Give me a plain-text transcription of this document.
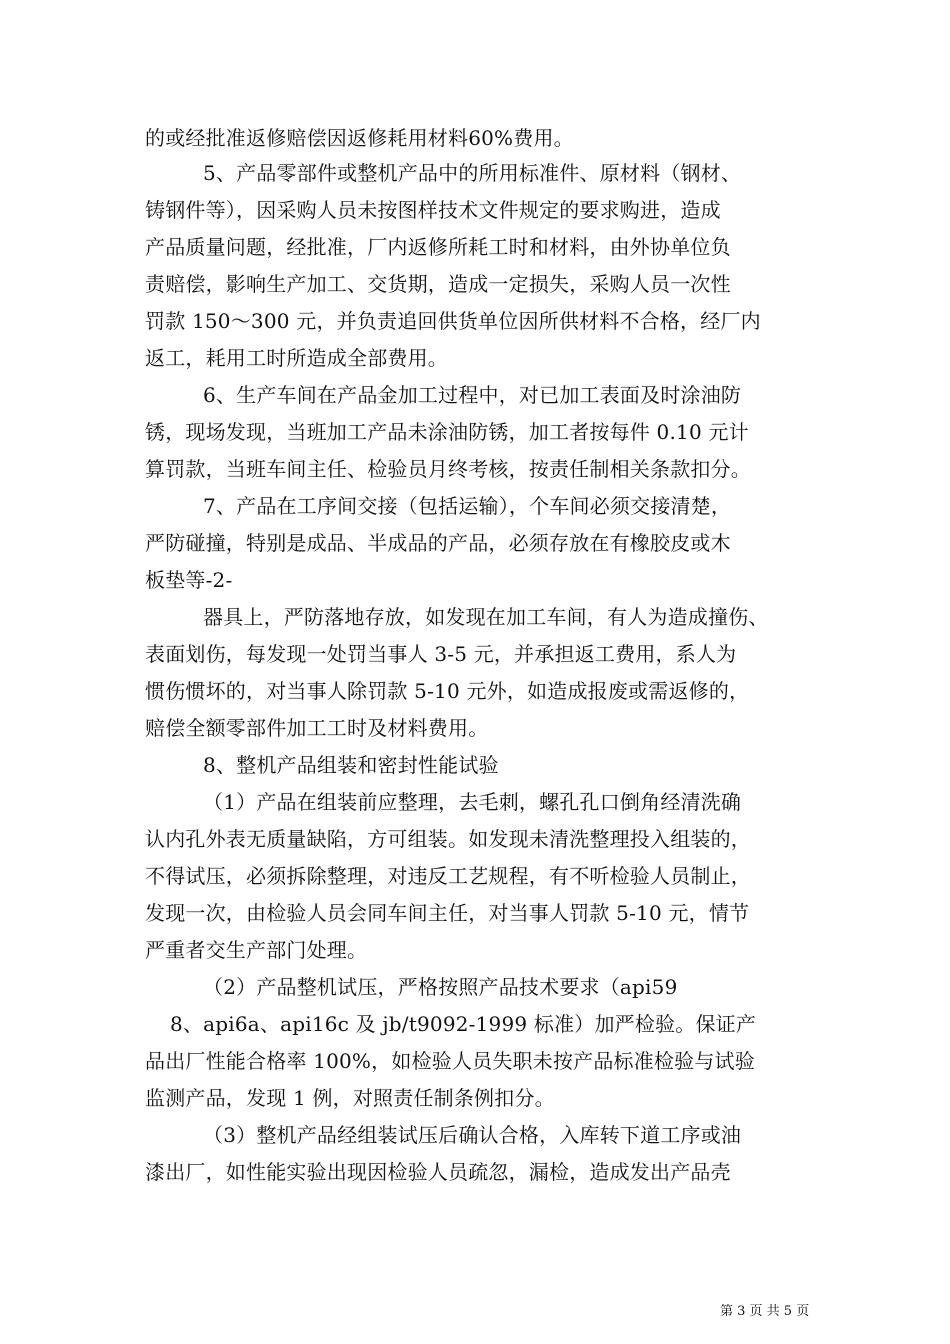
的或经批准返修赔偿因返修耗用材料60%费用。
5、产品零部件或整机产品中的所用标准件、原材料（钢材、
铸钢件等），因采购人员未按图样技术文件规定的要求购进，造成
产品质量问题，经批准，厂内返修所耗工时和材料，由外协单位负
责赔偿，影响生产加工、交货期，造成一定损失，采购人员一次性
罚款 150～300 元，并负责追回供货单位因所供材料不合格，经厂内
返工，耗用工时所造成全部费用。
6、生产车间在产品金加工过程中，对已加工表面及时涂油防
锈，现场发现，当班加工产品未涂油防锈，加工者按每件 0.10 元计
算罚款，当班车间主任、检验员月终考核，按责任制相关条款扣分。
7、产品在工序间交接（包括运输），个车间必须交接清楚，
严防碰撞，特别是成品、半成品的产品，必须存放在有橡胶皮或木
板垫等-2-
器具上，严防落地存放，如发现在加工车间，有人为造成撞伤、
表面划伤，每发现一处罚当事人 3-5 元，并承担返工费用，系人为
惯伤惯坏的，对当事人除罚款 5-10 元外，如造成报废或需返修的，
赔偿全额零部件加工工时及材料费用。
8、整机产品组装和密封性能试验
（1）产品在组装前应整理，去毛刺，螺孔孔口倒角经清洗确
认内孔外表无质量缺陷，方可组装。如发现未清洗整理投入组装的，
不得试压，必须拆除整理，对违反工艺规程，有不听检验人员制止，
发现一次，由检验人员会同车间主任，对当事人罚款 5-10 元，情节
严重者交生产部门处理。
（2）产品整机试压，严格按照产品技术要求（api59
8、api6a、api16c 及 jb/t9092-1999 标准）加严检验。保证产
品出厂性能合格率 100%，如检验人员失职未按产品标准检验与试验
监测产品，发现 1 例，对照责任制条例扣分。
（3）整机产品经组装试压后确认合格，入库转下道工序或油
漆出厂，如性能实验出现因检验人员疏忽，漏检，造成发出产品壳
第 3 页 共 5 页
